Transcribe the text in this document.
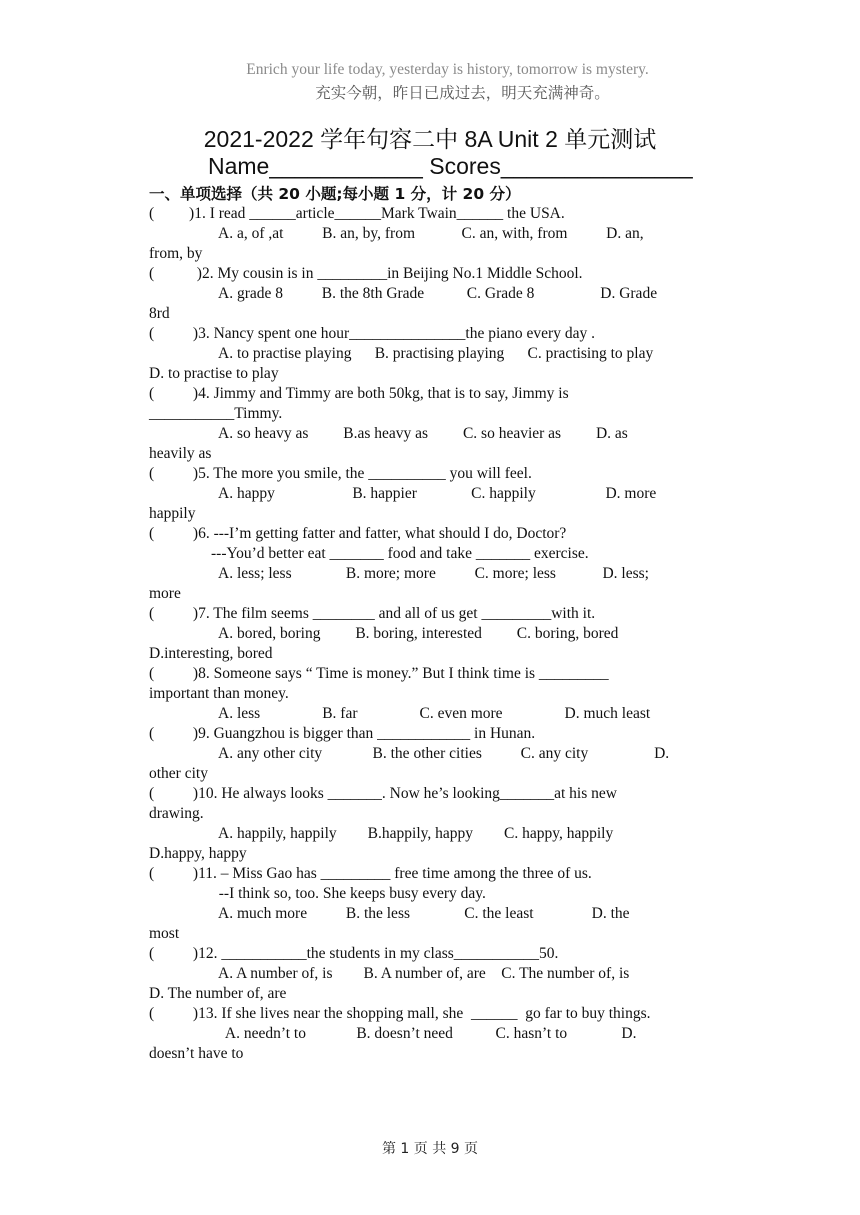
Enrich your life today, yesterday is history, tomorrow is mystery.
充实今朝，昨日已成过去，明天充满神奇。
2021-2022 学年句容二中 8A Unit 2 单元测试
Name____________ Scores_______________
一、单项选择（共 20 小题;每小题 1 分，计 20 分）
(         )1. I read ______article______Mark Twain______ the USA.
A. a, of ,at          B. an, by, from            C. an, with, from          D. an,
from, by
(           )2. My cousin is in _________in Beijing No.1 Middle School.
A. grade 8          B. the 8th Grade           C. Grade 8                 D. Grade
8rd
(          )3. Nancy spent one hour_______________the piano every day .
A. to practise playing      B. practising playing      C. practising to play
D. to practise to play
(          )4. Jimmy and Timmy are both 50kg, that is to say, Jimmy is
___________Timmy.
A. so heavy as         B.as heavy as         C. so heavier as         D. as
heavily as
(          )5. The more you smile, the __________ you will feel.
A. happy                    B. happier              C. happily                  D. more
happily
(          )6. ---I’m getting fatter and fatter, what should I do, Doctor?
---You’d better eat _______ food and take _______ exercise.
A. less; less              B. more; more          C. more; less            D. less;
more
(          )7. The film seems ________ and all of us get _________with it.
A. bored, boring         B. boring, interested         C. boring, bored
D.interesting, bored
(          )8. Someone says “ Time is money.” But I think time is _________
important than money.
A. less                B. far                C. even more                D. much least
(          )9. Guangzhou is bigger than ____________ in Hunan.
A. any other city             B. the other cities          C. any city                 D.
other city
(          )10. He always looks _______. Now he’s looking_______at his new
drawing.
A. happily, happily        B.happily, happy        C. happy, happily
D.happy, happy
(          )11. – Miss Gao has _________ free time among the three of us.
--I think so, too. She keeps busy every day.
A. much more          B. the less              C. the least               D. the
most
(          )12. ___________the students in my class___________50.
A. A number of, is        B. A number of, are    C. The number of, is
D. The number of, are
(          )13. If she lives near the shopping mall, she  ______  go far to buy things.
A. needn’t to             B. doesn’t need           C. hasn’t to              D.
doesn’t have to
第 1 页 共 9 页
